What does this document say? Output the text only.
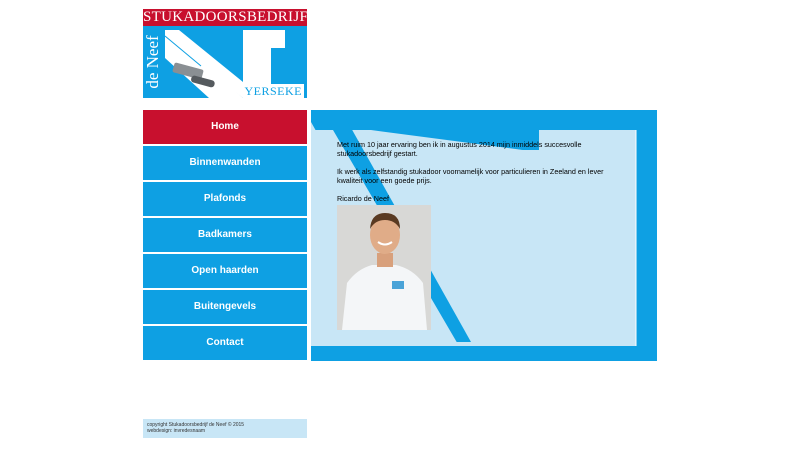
STUKADOORSBEDRIJF
de Neef
YERSEKE
Home
Binnenwanden
Plafonds
Badkamers
Open haarden
Buitengevels
Contact

Met ruim 10 jaar ervaring ben ik in augustus 2014 mijn inmiddels succesvolle stukadoorsbedrijf gestart.

Ik werk als zelfstandig stukadoor voornamelijk voor particulieren in Zeeland en lever kwaliteit voor een goede prijs.

Ricardo de Neef

copyright Stukadoorsbedrijf de Neef © 2015
webdesign: invredesnaam
